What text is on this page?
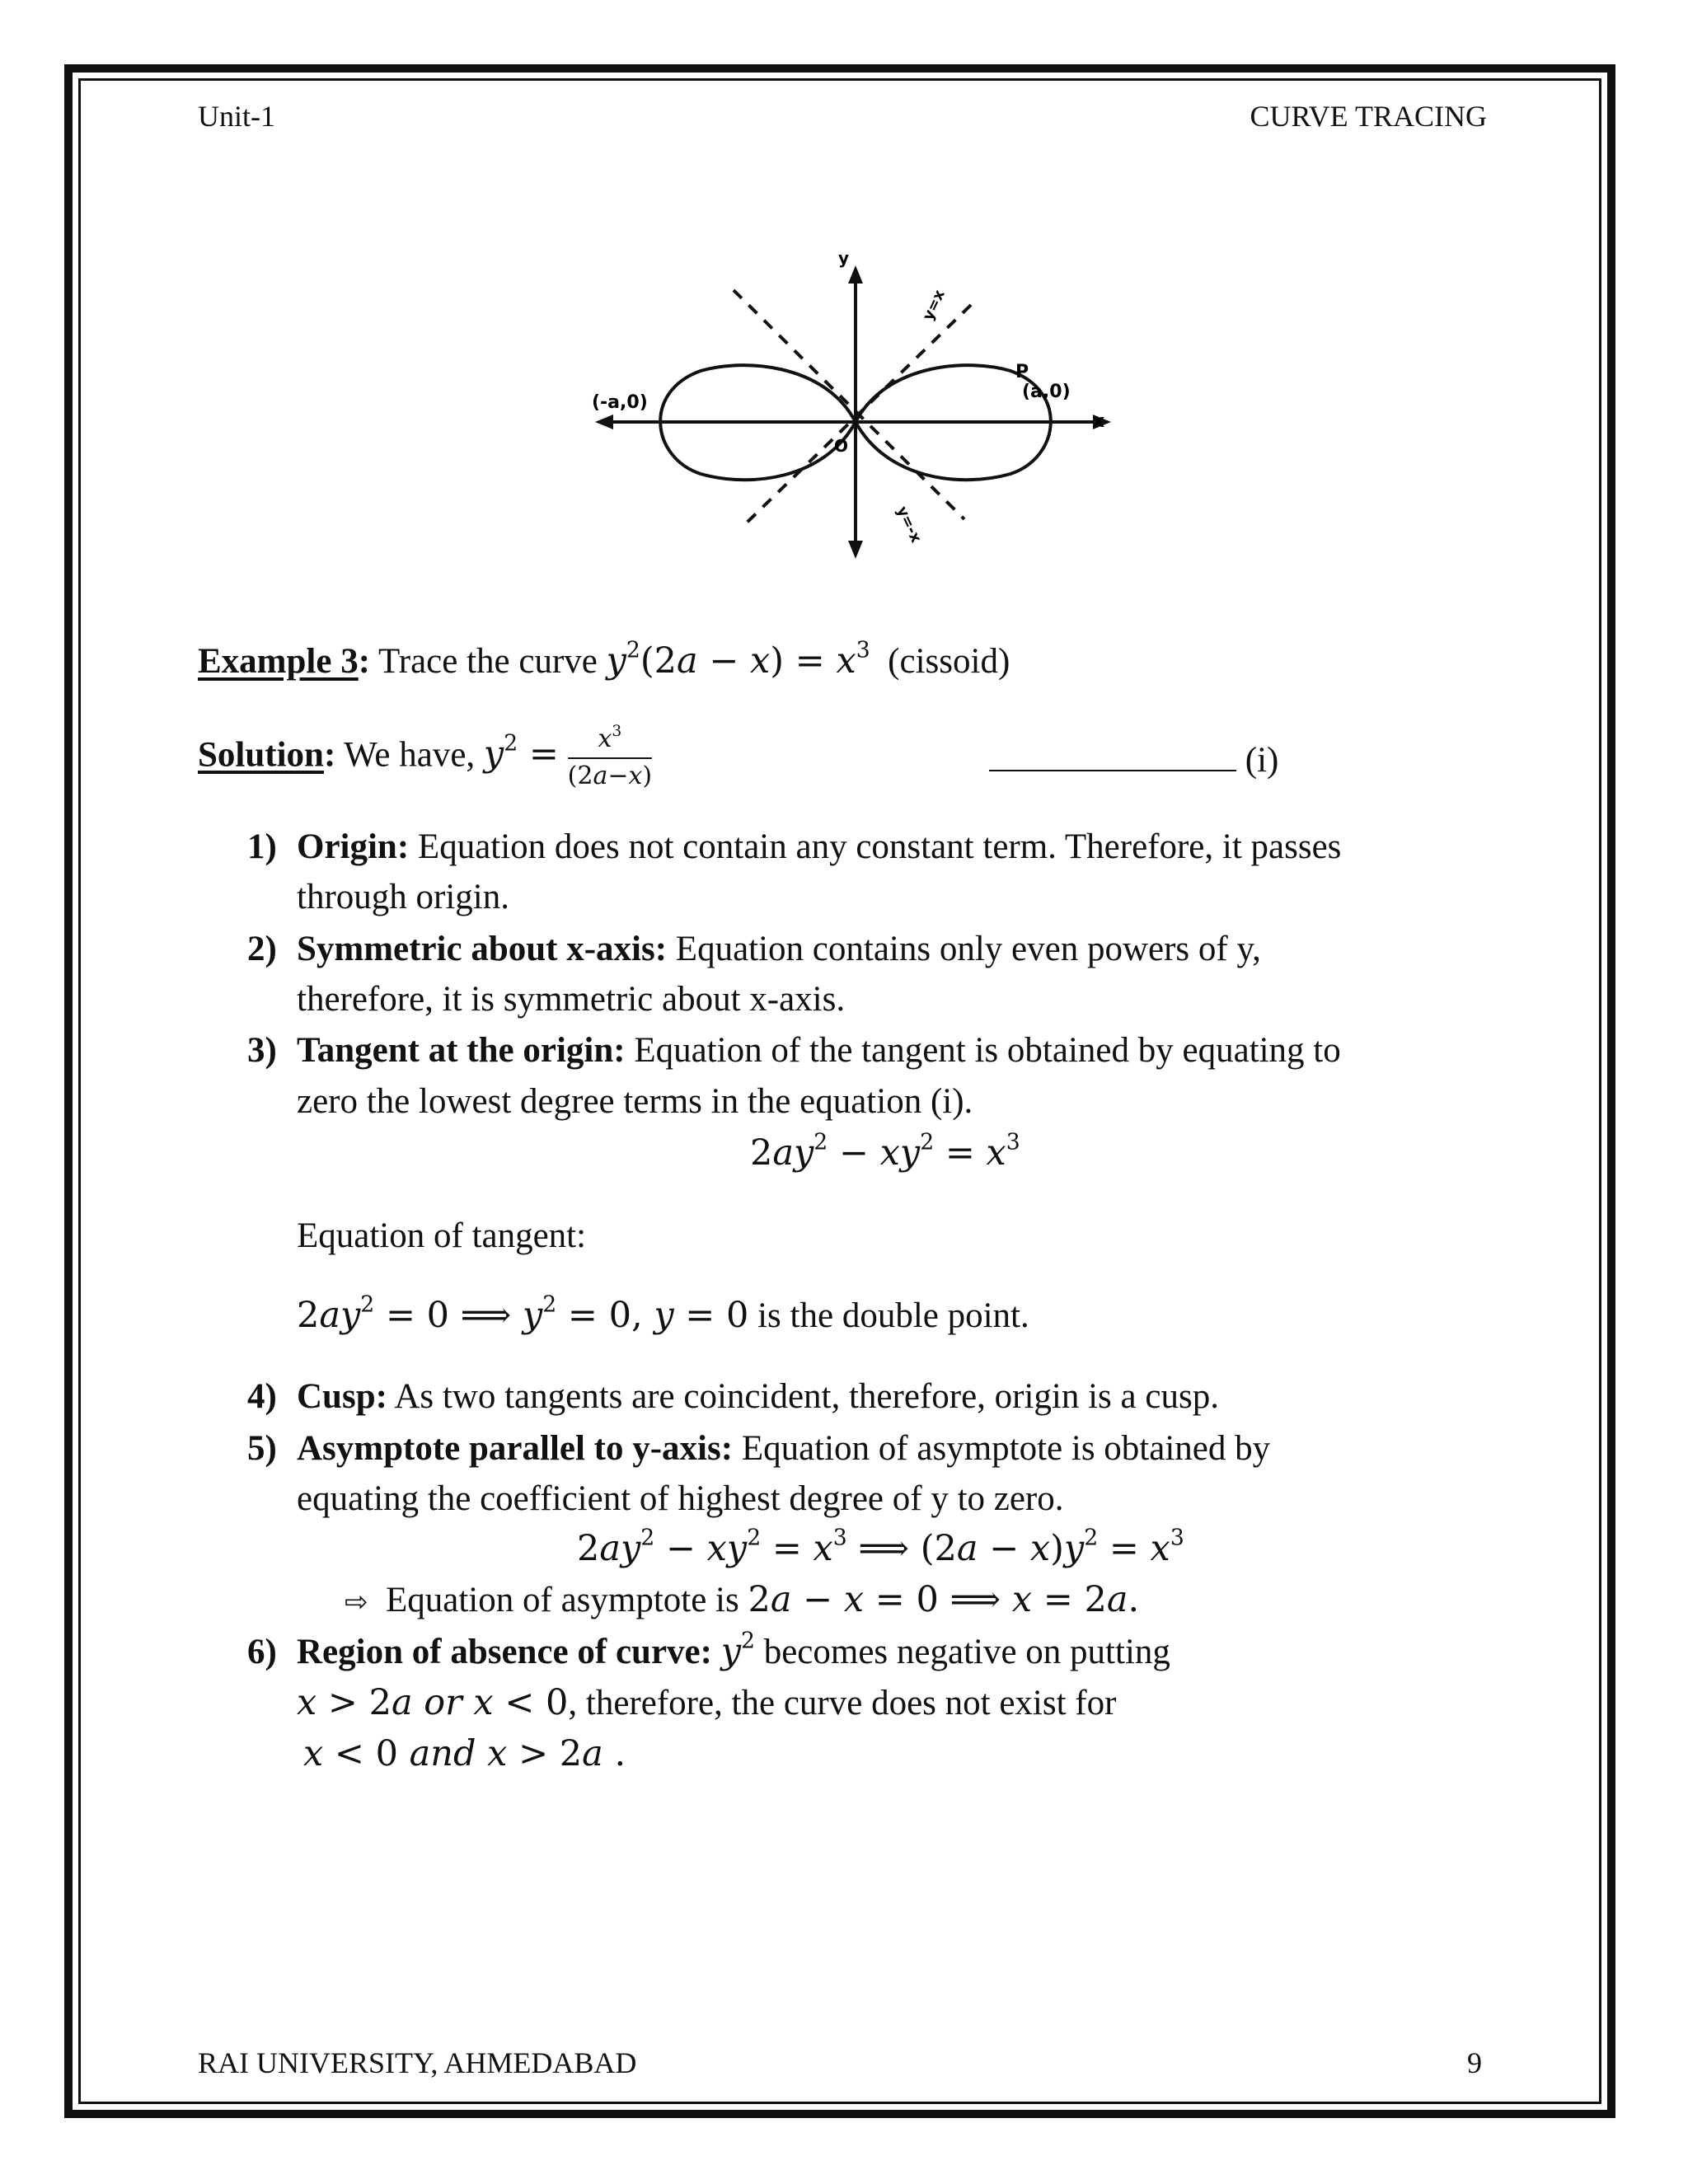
Unit-1	CURVE TRACING
y
x
(-a,0)
(a,0)
P
O
y=x
y=-x
Example 3: Trace the curve $y^2(2a - x) = x^3$ (cissoid)
Solution: We have, $y^2 = \frac{x^3}{(2a-x)}$	(i)
1) Origin: Equation does not contain any constant term. Therefore, it passes
through origin.
2) Symmetric about x-axis: Equation contains only even powers of y,
therefore, it is symmetric about x-axis.
3) Tangent at the origin: Equation of the tangent is obtained by equating to
zero the lowest degree terms in the equation (i).
$2ay^2 - xy^2 = x^3$
Equation of tangent:
$2ay^2 = 0$ ⟹ $y^2 = 0$, y = 0 is the double point.
4) Cusp: As two tangents are coincident, therefore, origin is a cusp.
5) Asymptote parallel to y-axis: Equation of asymptote is obtained by
equating the coefficient of highest degree of y to zero.
$2ay^2 - xy^2 = x^3$ ⟹ $(2a - x)y^2 = x^3$
⇨ Equation of asymptote is 2a − x = 0 ⟹ x = 2a.
6) Region of absence of curve: $y^2$ becomes negative on putting
x > 2a or x < 0, therefore, the curve does not exist for
x < 0 and x > 2a .
RAI UNIVERSITY, AHMEDABAD	9
